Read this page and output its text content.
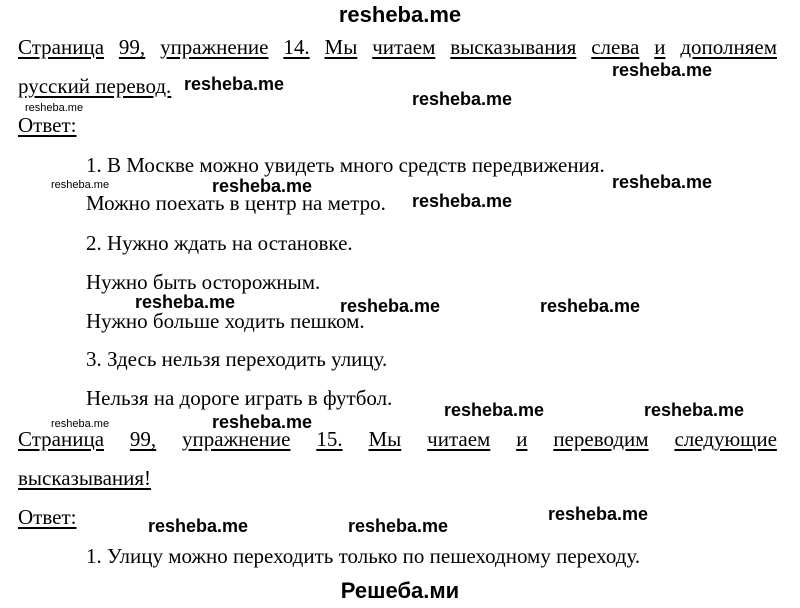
resheba.me
Страница 99, упражнение 14. Мы читаем высказывания слева и дополняем
русский перевод.
Ответ:
1. В Москве можно увидеть много средств передвижения.
Можно поехать в центр на метро.
2. Нужно ждать на остановке.
Нужно быть осторожным.
Нужно больше ходить пешком.
3. Здесь нельзя переходить улицу.
Нельзя на дороге играть в футбол.
Страница 99, упражнение 15. Мы читаем и переводим следующие
высказывания!
Ответ:
1. Улицу можно переходить только по пешеходному переходу.
Решеба.ми
resheba.me
resheba.me
resheba.me
resheba.me	resheba.me
resheba.me
resheba.me	resheba.me	resheba.me
resheba.me	resheba.me
resheba.me
resheba.me
resheba.me	resheba.me
resheba.me
resheba.me
resheba.me
